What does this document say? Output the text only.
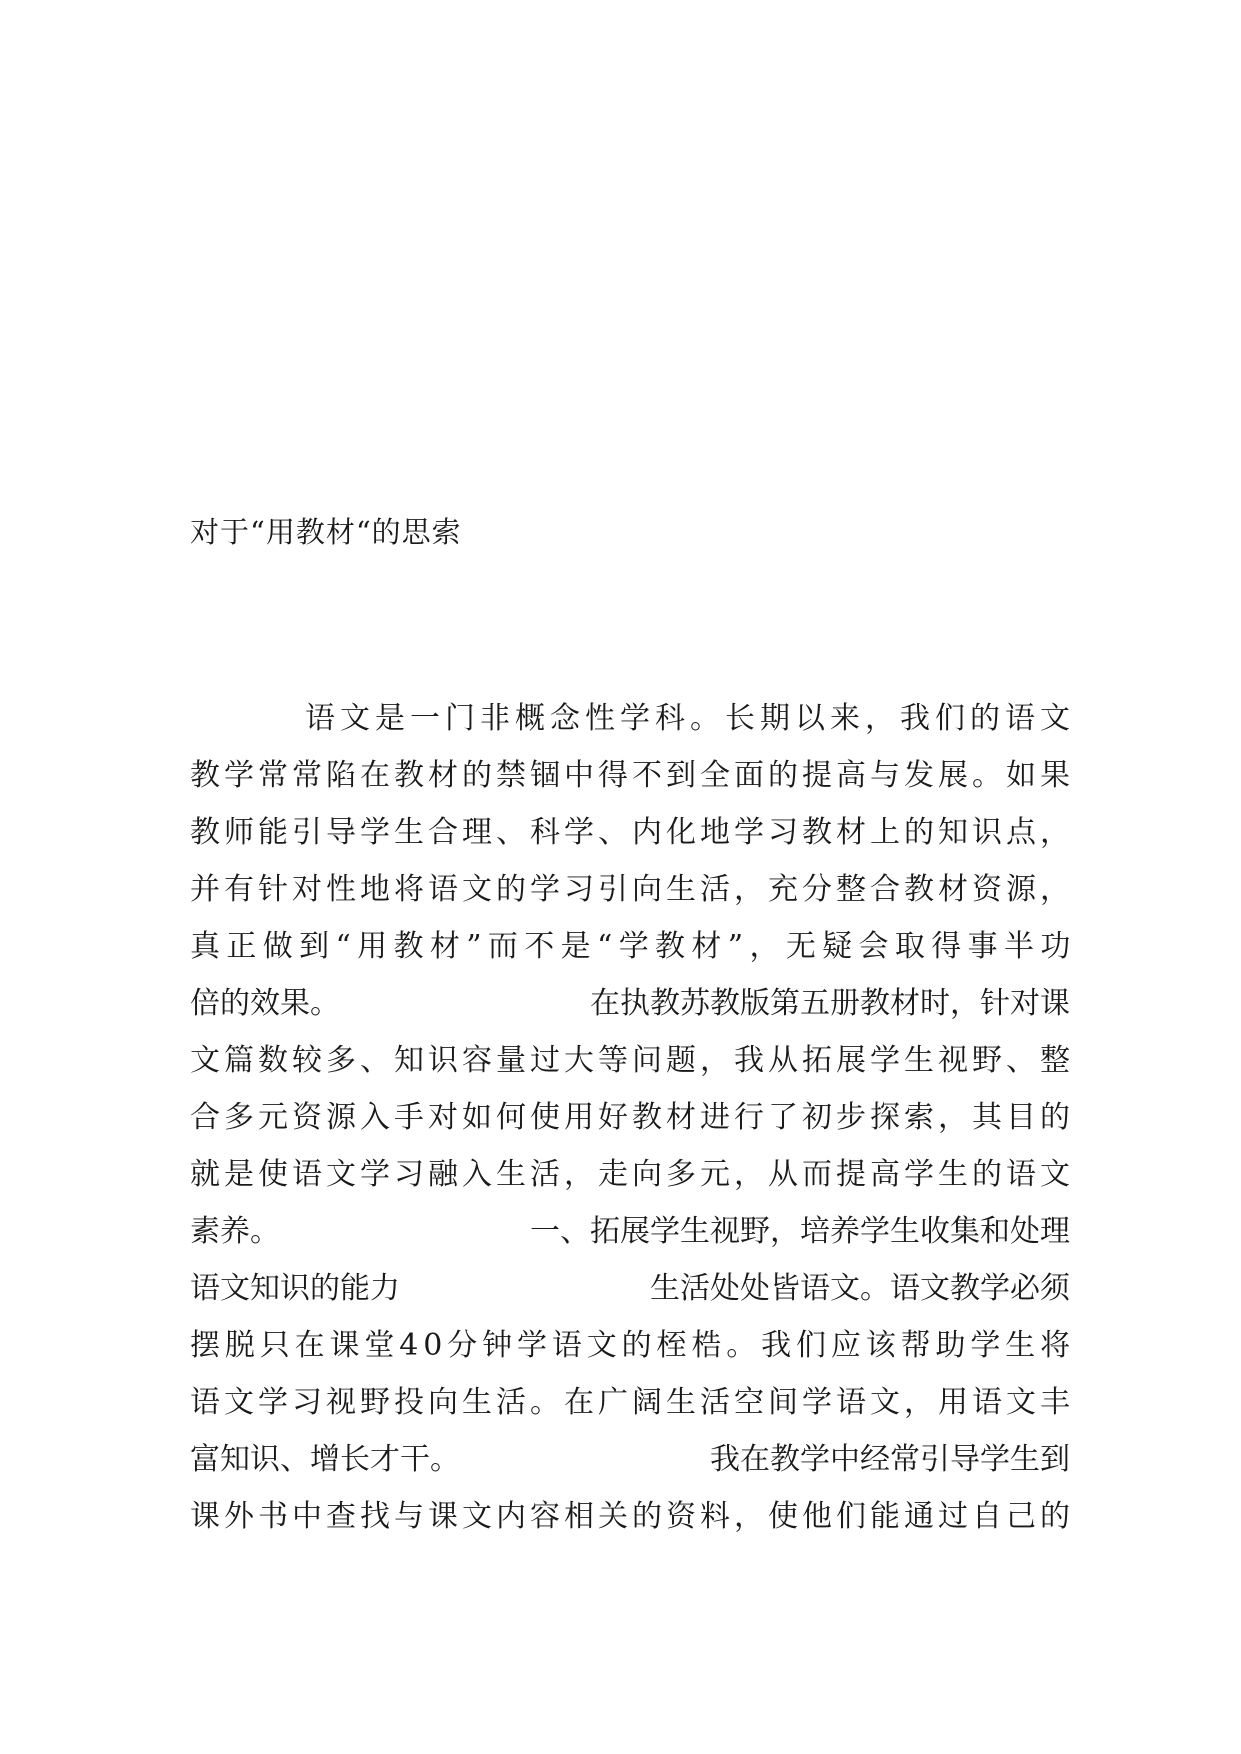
对于“用教材“的思索
语文是一门非概念性学科。长期以来，我们的语文
教学常常陷在教材的禁锢中得不到全面的提高与发展。如果
教师能引导学生合理、科学、内化地学习教材上的知识点，
并有针对性地将语文的学习引向生活，充分整合教材资源，
真正做到“用教材”而不是“学教材”，无疑会取得事半功
倍的效果。	在执教苏教版第五册教材时，针对课
文篇数较多、知识容量过大等问题，我从拓展学生视野、整
合多元资源入手对如何使用好教材进行了初步探索，其目的
就是使语文学习融入生活，走向多元，从而提高学生的语文
素养。	一、拓展学生视野，培养学生收集和处理
语文知识的能力	生活处处皆语文。语文教学必须
摆脱只在课堂40分钟学语文的桎梏。我们应该帮助学生将
语文学习视野投向生活。在广阔生活空间学语文，用语文丰
富知识、增长才干。	我在教学中经常引导学生到
课外书中查找与课文内容相关的资料，使他们能通过自己的
